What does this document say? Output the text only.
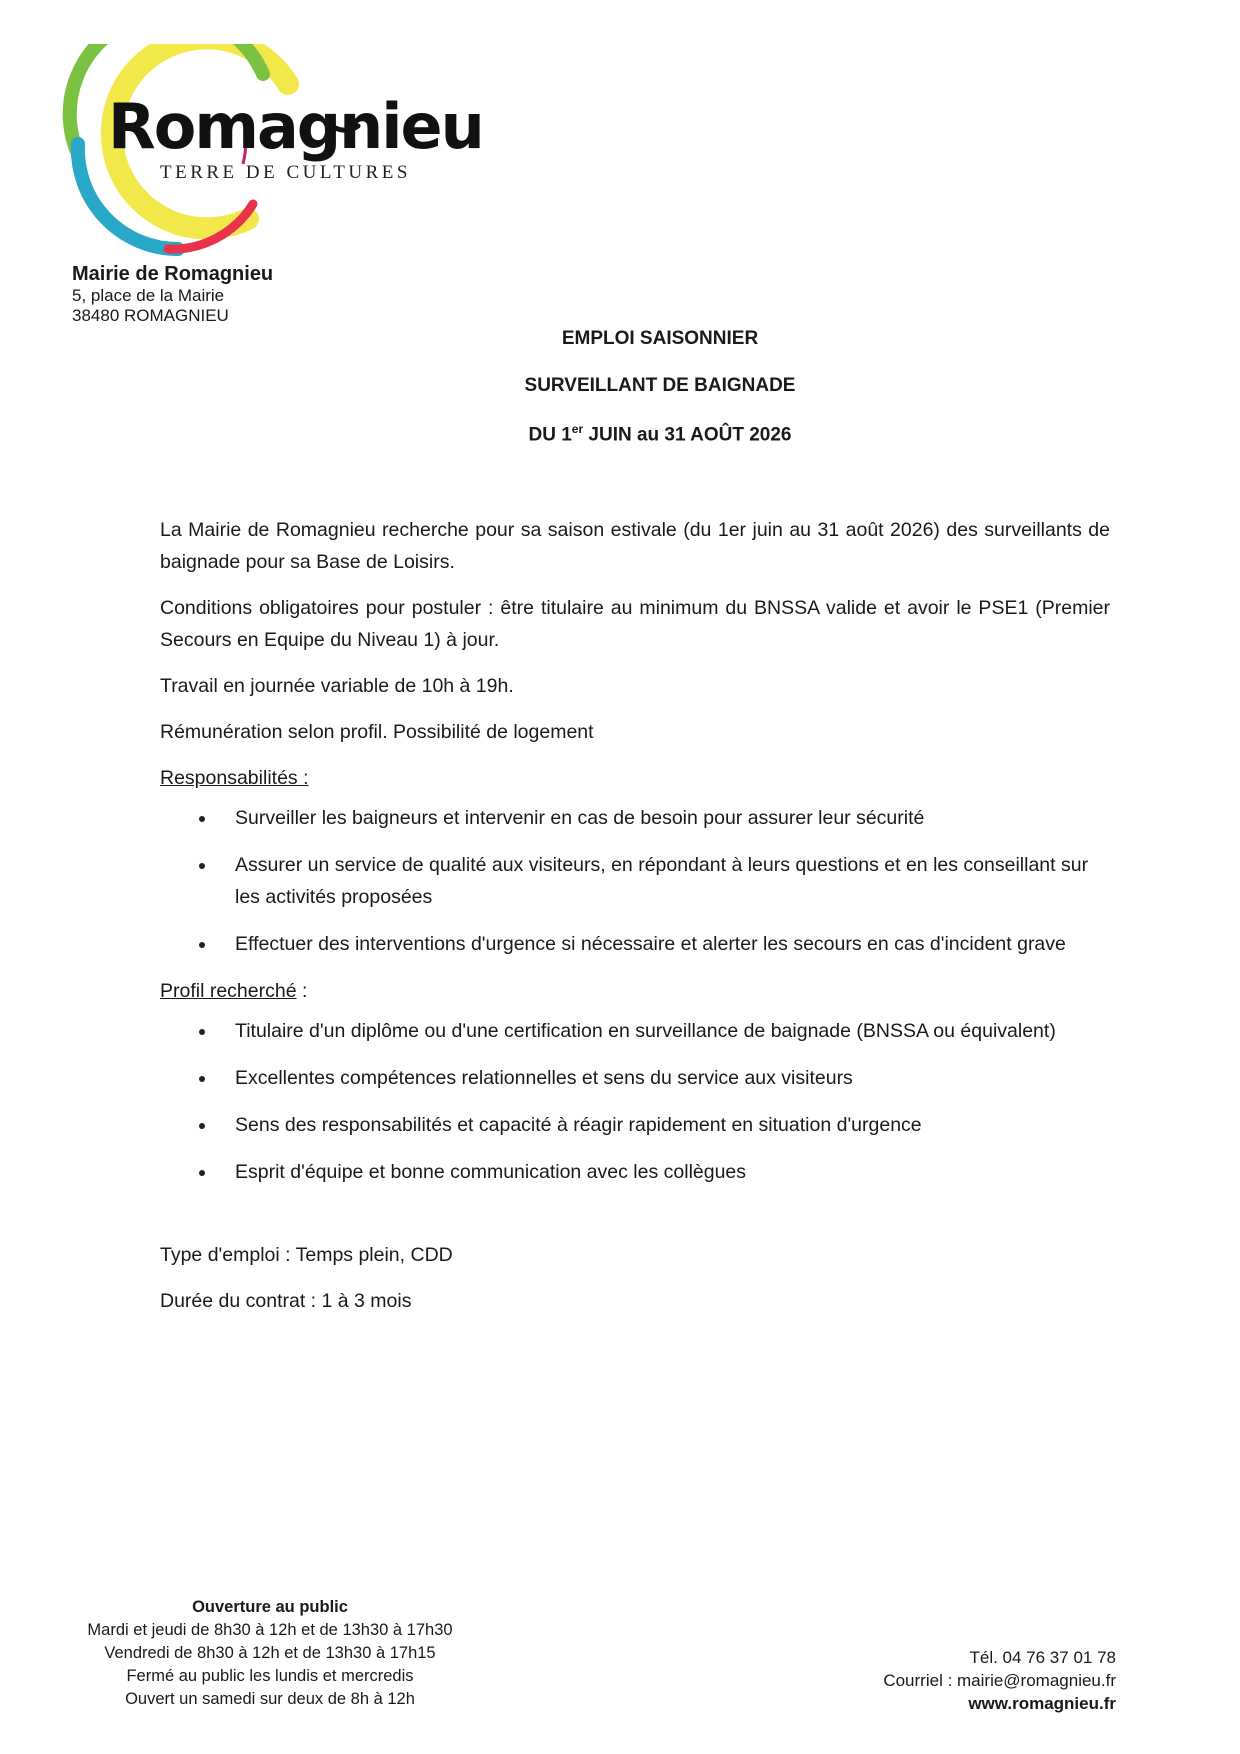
Romagnieu
TERRE DE CULTURES
Mairie de Romagnieu
5, place de la Mairie
38480 ROMAGNIEU
EMPLOI SAISONNIER
SURVEILLANT DE BAIGNADE
DU 1er JUIN au 31 AOÛT 2026

La Mairie de Romagnieu recherche pour sa saison estivale (du 1er juin au 31 août 2026) des surveillants de baignade pour sa Base de Loisirs.

Conditions obligatoires pour postuler : être titulaire au minimum du BNSSA valide et avoir le PSE1 (Premier Secours en Equipe du Niveau 1) à jour.

Travail en journée variable de 10h à 19h.

Rémunération selon profil. Possibilité de logement

Responsabilités :

Surveiller les baigneurs et intervenir en cas de besoin pour assurer leur sécurité
Assurer un service de qualité aux visiteurs, en répondant à leurs questions et en les conseillant sur les activités proposées
Effectuer des interventions d'urgence si nécessaire et alerter les secours en cas d'incident grave

Profil recherché :

Titulaire d'un diplôme ou d'une certification en surveillance de baignade (BNSSA ou équivalent)
Excellentes compétences relationnelles et sens du service aux visiteurs
Sens des responsabilités et capacité à réagir rapidement en situation d'urgence
Esprit d'équipe et bonne communication avec les collègues

Type d'emploi : Temps plein, CDD

Durée du contrat : 1 à 3 mois

Ouverture au public
Mardi et jeudi de 8h30 à 12h et de 13h30 à 17h30
Vendredi de 8h30 à 12h et de 13h30 à 17h15
Fermé au public les lundis et mercredis
Ouvert un samedi sur deux de 8h à 12h
Tél. 04 76 37 01 78
Courriel : mairie@romagnieu.fr
www.romagnieu.fr
